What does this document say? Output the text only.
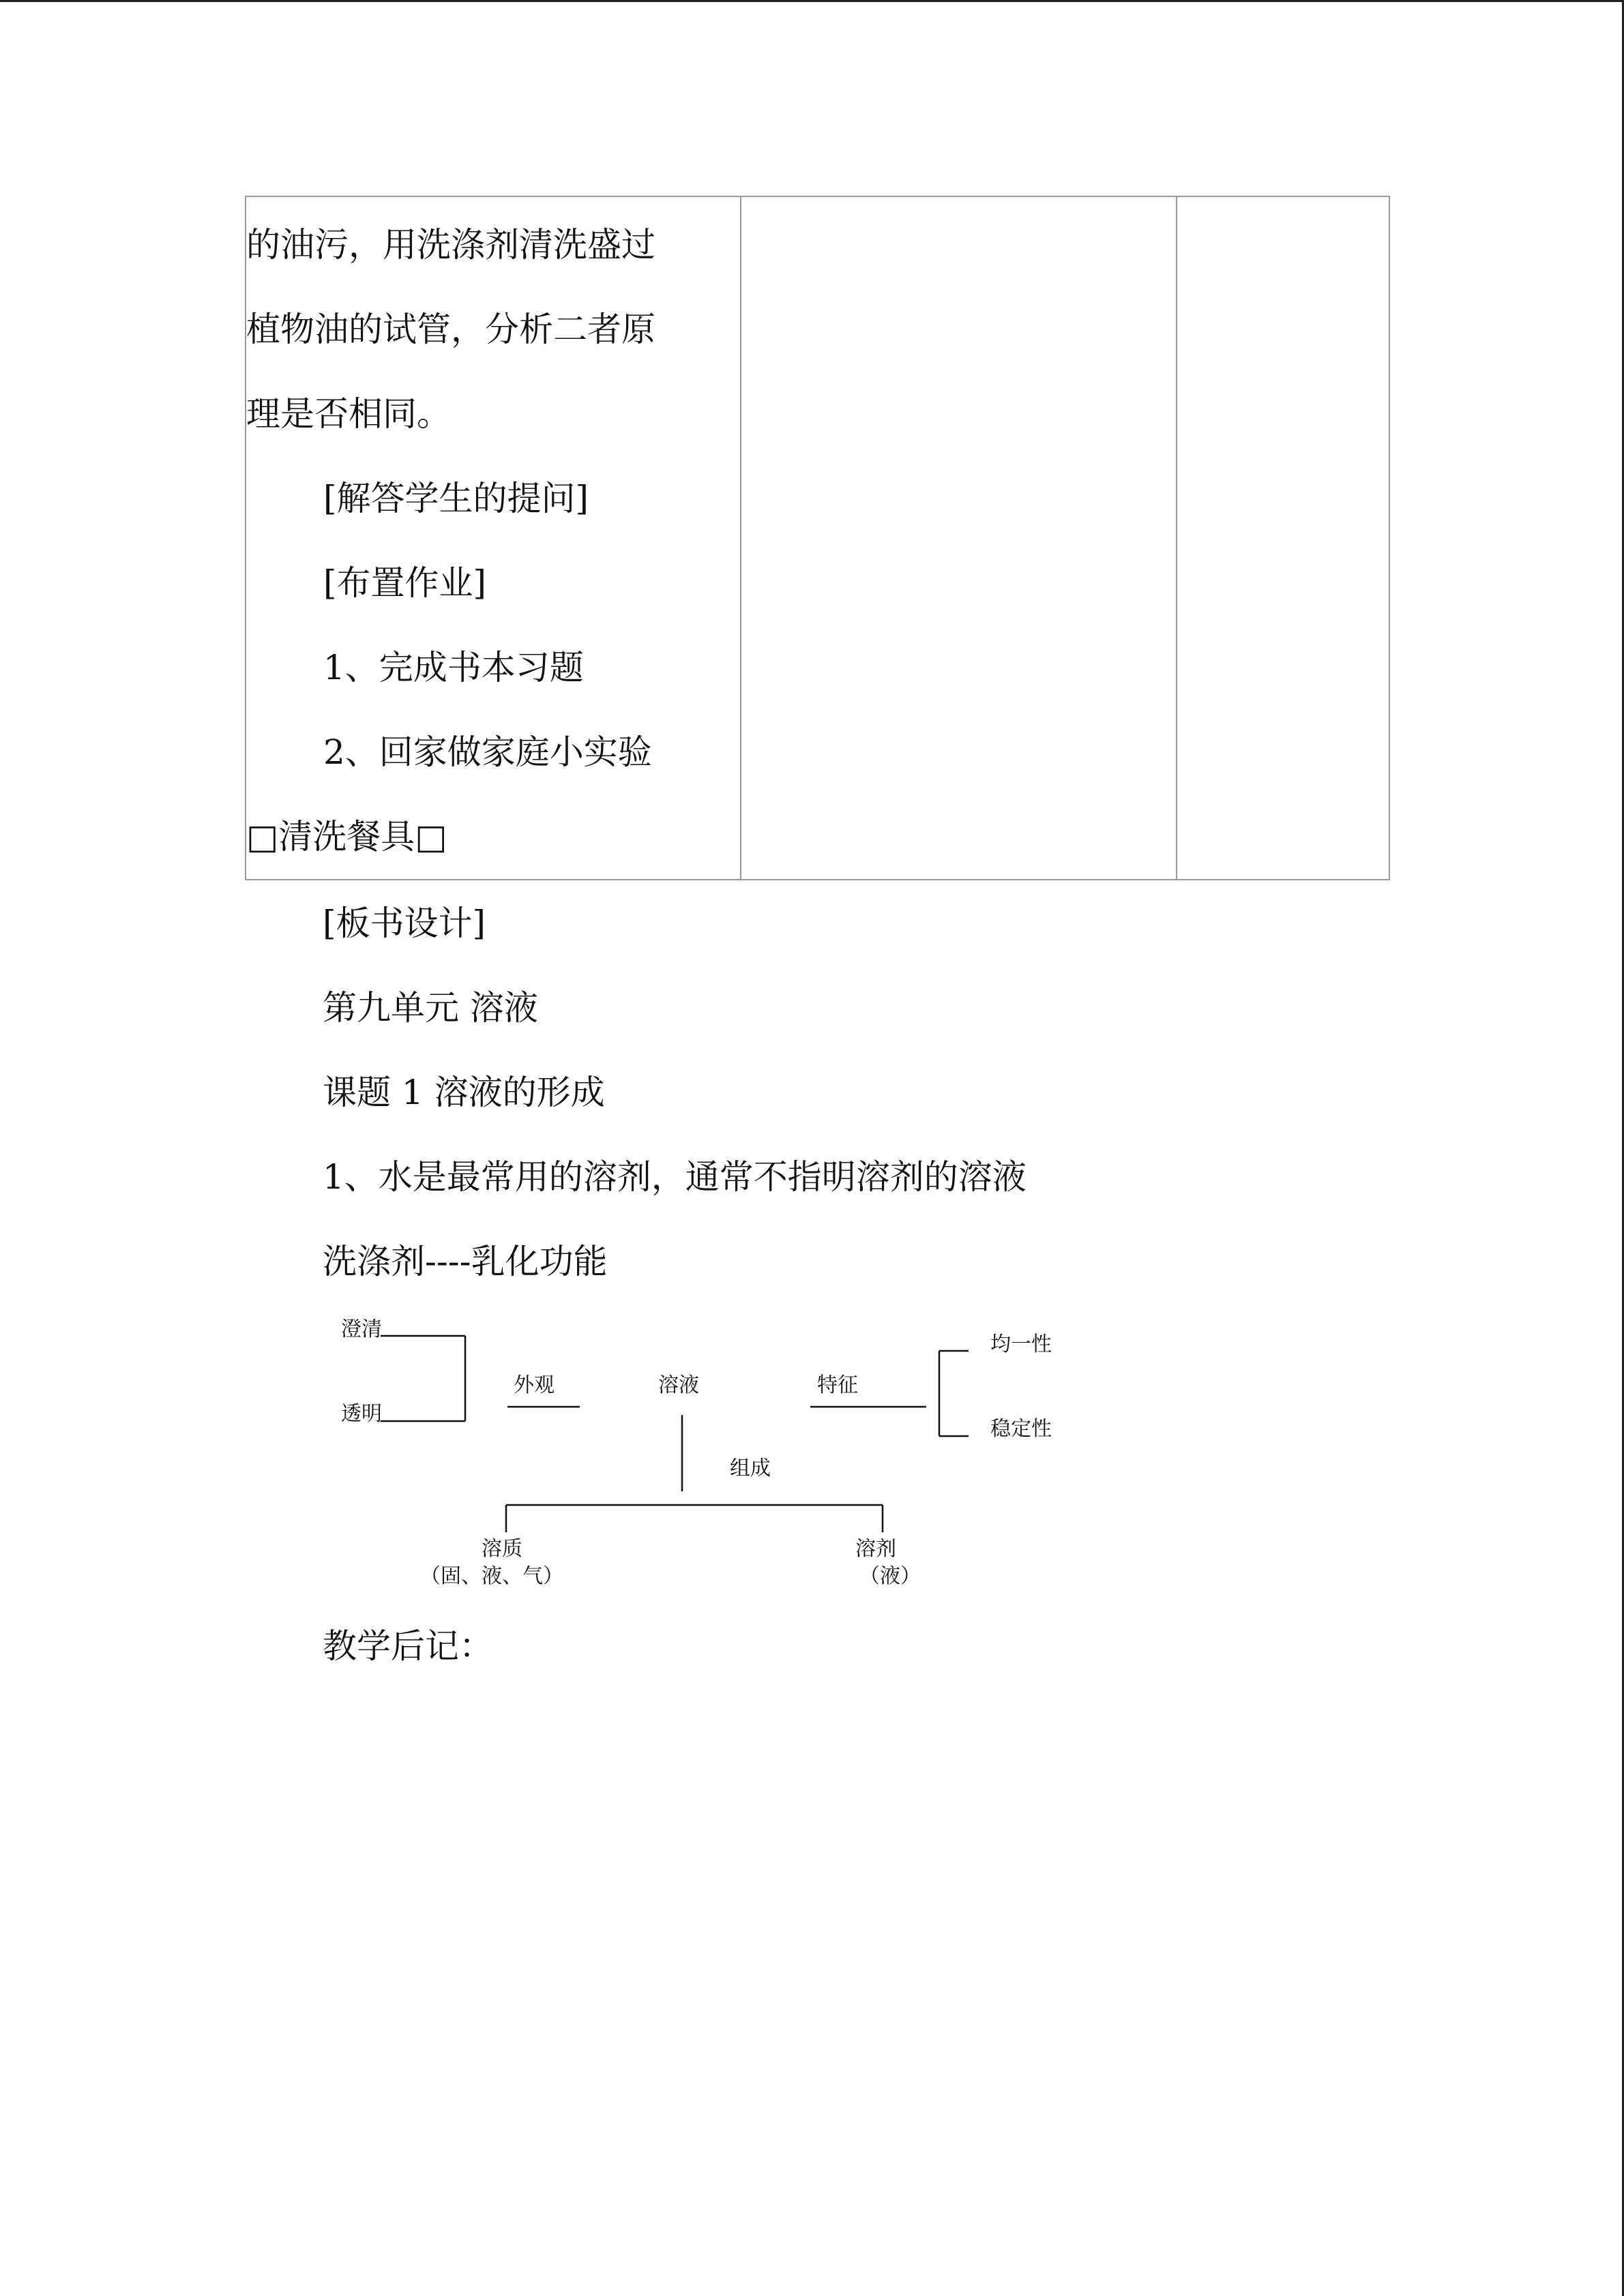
的油污，用洗涤剂清洗盛过
植物油的试管，分析二者原
理是否相同。
[解答学生的提问]
[布置作业]
1、完成书本习题
2、回家做家庭小实验
□清洗餐具□

[板书设计]
第九单元 溶液
课题 1 溶液的形成
1、水是最常用的溶剂，通常不指明溶剂的溶液
洗涤剂----乳化功能
澄清
透明
外观	溶液	特征
均一性
稳定性
组成
溶质
（固、液、气）
溶剂
（液）
教学后记：
